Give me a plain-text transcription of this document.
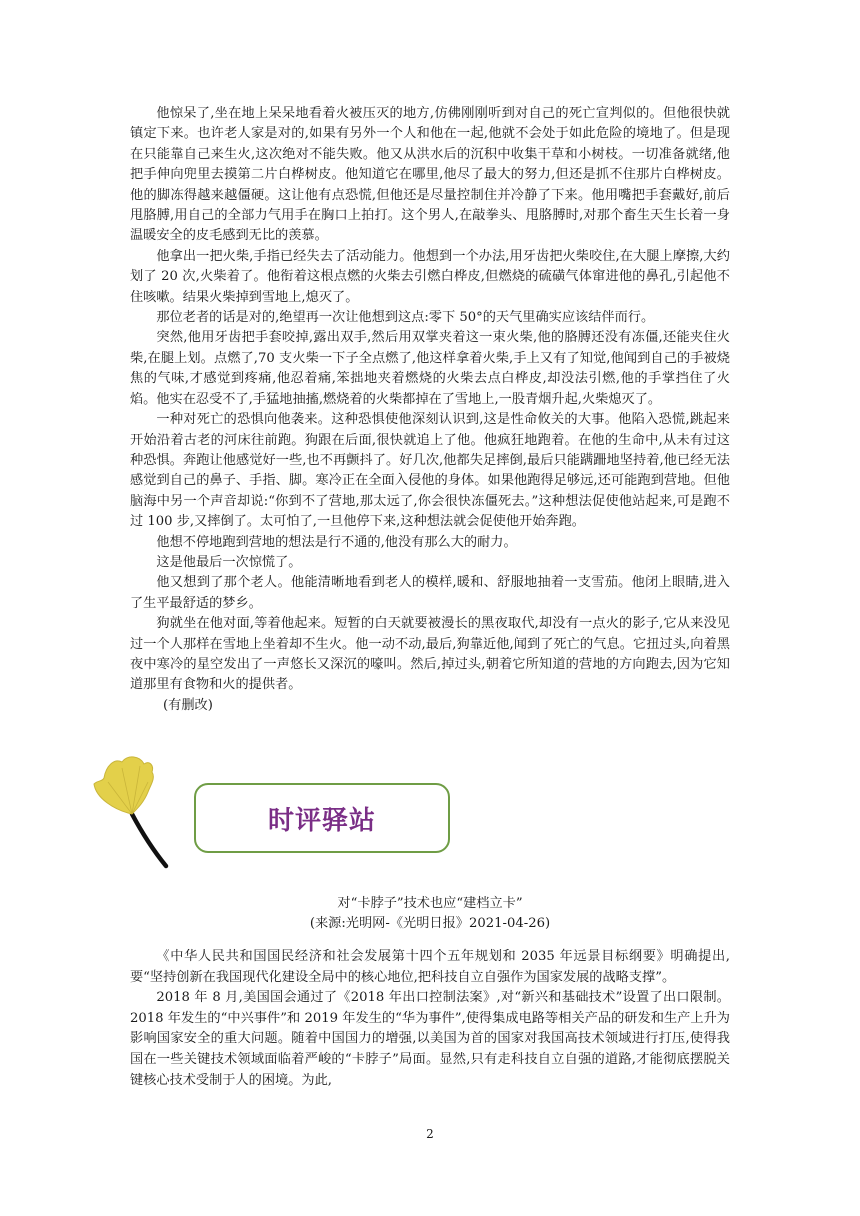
他惊呆了,坐在地上呆呆地看着火被压灭的地方,仿佛刚刚听到对自己的死亡宣判似的。但他很快就镇定下来。也许老人家是对的,如果有另外一个人和他在一起,他就不会处于如此危险的境地了。但是现在只能靠自己来生火,这次绝对不能失败。他又从洪水后的沉积中收集干草和小树枝。一切准备就绪,他把手伸向兜里去摸第二片白桦树皮。他知道它在哪里,他尽了最大的努力,但还是抓不住那片白桦树皮。他的脚冻得越来越僵硬。这让他有点恐慌,但他还是尽量控制住并冷静了下来。他用嘴把手套戴好,前后甩胳膊,用自己的全部力气用手在胸口上拍打。这个男人,在敲拳头、甩胳膊时,对那个畜生天生长着一身温暖安全的皮毛感到无比的羡慕。

他拿出一把火柴,手指已经失去了活动能力。他想到一个办法,用牙齿把火柴咬住,在大腿上摩擦,大约划了 20 次,火柴着了。他衔着这根点燃的火柴去引燃白桦皮,但燃烧的硫磺气体窜进他的鼻孔,引起他不住咳嗽。结果火柴掉到雪地上,熄灭了。

那位老者的话是对的,绝望再一次让他想到这点:零下 50°的天气里确实应该结伴而行。

突然,他用牙齿把手套咬掉,露出双手,然后用双掌夹着这一束火柴,他的胳膊还没有冻僵,还能夹住火柴,在腿上划。点燃了,70 支火柴一下子全点燃了,他这样拿着火柴,手上又有了知觉,他闻到自己的手被烧焦的气味,才感觉到疼痛,他忍着痛,笨拙地夹着燃烧的火柴去点白桦皮,却没法引燃,他的手掌挡住了火焰。他实在忍受不了,手猛地抽搐,燃烧着的火柴都掉在了雪地上,一股青烟升起,火柴熄灭了。

一种对死亡的恐惧向他袭来。这种恐惧使他深刻认识到,这是性命攸关的大事。他陷入恐慌,跳起来开始沿着古老的河床往前跑。狗跟在后面,很快就追上了他。他疯狂地跑着。在他的生命中,从未有过这种恐惧。奔跑让他感觉好一些,也不再颤抖了。好几次,他都失足摔倒,最后只能蹒跚地坚持着,他已经无法感觉到自己的鼻子、手指、脚。寒冷正在全面入侵他的身体。如果他跑得足够远,还可能跑到营地。但他脑海中另一个声音却说:“你到不了营地,那太远了,你会很快冻僵死去。”这种想法促使他站起来,可是跑不过 100 步,又摔倒了。太可怕了,一旦他停下来,这种想法就会促使他开始奔跑。

他想不停地跑到营地的想法是行不通的,他没有那么大的耐力。

这是他最后一次惊慌了。

他又想到了那个老人。他能清晰地看到老人的模样,暖和、舒服地抽着一支雪茄。他闭上眼睛,进入了生平最舒适的梦乡。

狗就坐在他对面,等着他起来。短暂的白天就要被漫长的黑夜取代,却没有一点火的影子,它从来没见过一个人那样在雪地上坐着却不生火。他一动不动,最后,狗靠近他,闻到了死亡的气息。它扭过头,向着黑夜中寒冷的星空发出了一声悠长又深沉的嚎叫。然后,掉过头,朝着它所知道的营地的方向跑去,因为它知道那里有食物和火的提供者。

(有删改)

时评驿站
对“卡脖子”技术也应“建档立卡”
(来源:光明网-《光明日报》2021-04-26)

《中华人民共和国国民经济和社会发展第十四个五年规划和 2035 年远景目标纲要》明确提出,要“坚持创新在我国现代化建设全局中的核心地位,把科技自立自强作为国家发展的战略支撑”。

2018 年 8 月,美国国会通过了《2018 年出口控制法案》,对“新兴和基础技术”设置了出口限制。2018 年发生的“中兴事件”和 2019 年发生的“华为事件”,使得集成电路等相关产品的研发和生产上升为影响国家安全的重大问题。随着中国国力的增强,以美国为首的国家对我国高技术领域进行打压,使得我国在一些关键技术领域面临着严峻的“卡脖子”局面。显然,只有走科技自立自强的道路,才能彻底摆脱关键核心技术受制于人的困境。为此,

2
